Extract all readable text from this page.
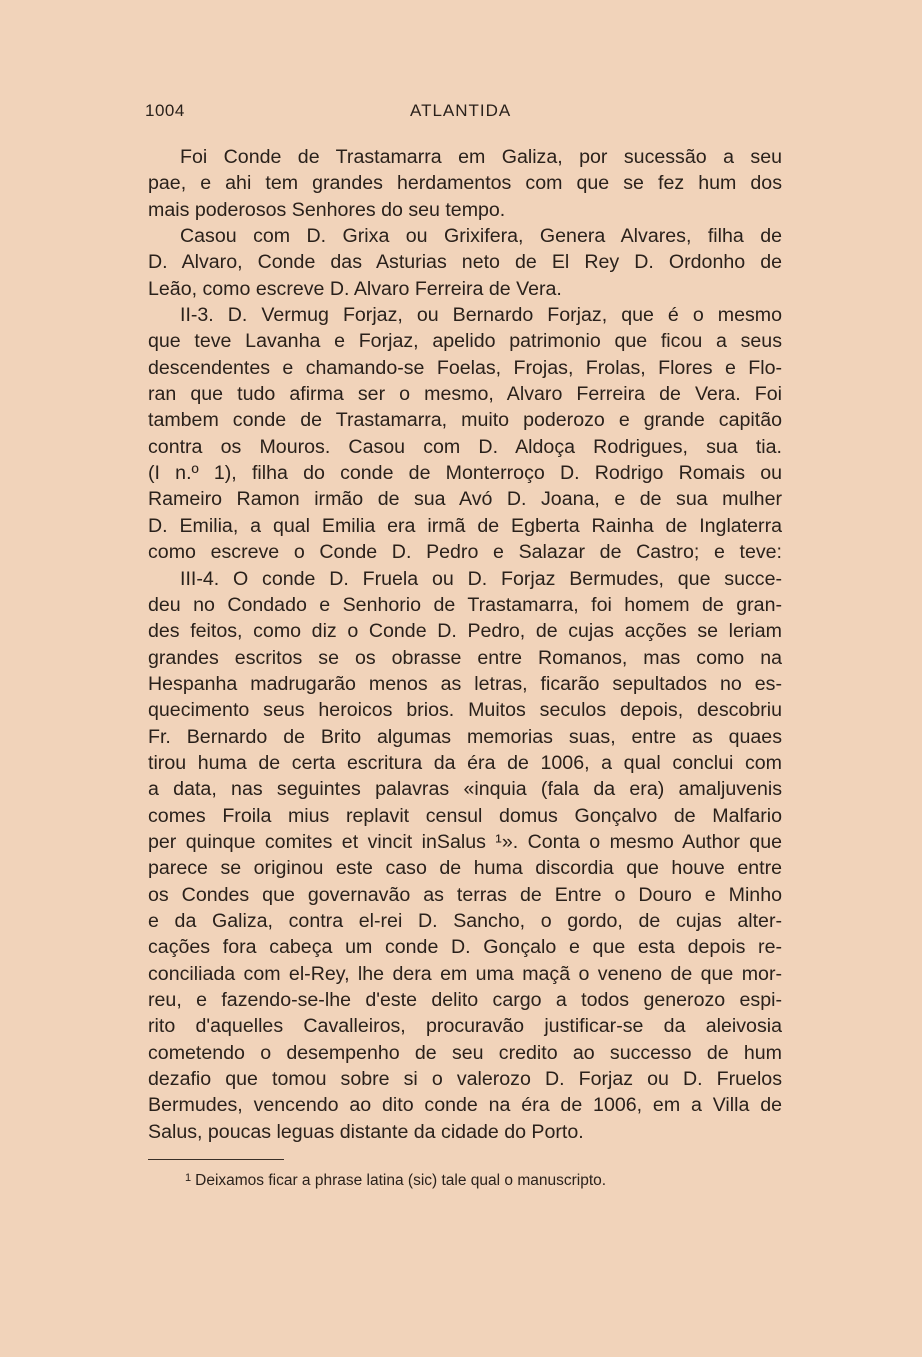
1004	ATLANTIDA
Foi Conde de Trastamarra em Galiza, por sucessão a seu
pae, e ahi tem grandes herdamentos com que se fez hum dos
mais poderosos Senhores do seu tempo.
Casou com D. Grixa ou Grixifera, Genera Alvares, filha de
D. Alvaro, Conde das Asturias neto de El Rey D. Ordonho de
Leão, como escreve D. Alvaro Ferreira de Vera.
II-3. D. Vermug Forjaz, ou Bernardo Forjaz, que é o mesmo
que teve Lavanha e Forjaz, apelido patrimonio que ficou a seus
descendentes e chamando-se Foelas, Frojas, Frolas, Flores e Flo-
ran que tudo afirma ser o mesmo, Alvaro Ferreira de Vera. Foi
tambem conde de Trastamarra, muito poderozo e grande capitão
contra os Mouros. Casou com D. Aldoça Rodrigues, sua tia.
(I n.º 1), filha do conde de Monterroço D. Rodrigo Romais ou
Rameiro Ramon irmão de sua Avó D. Joana, e de sua mulher
D. Emilia, a qual Emilia era irmã de Egberta Rainha de Inglaterra
como escreve o Conde D. Pedro e Salazar de Castro; e teve:
III-4. O conde D. Fruela ou D. Forjaz Bermudes, que succe-
deu no Condado e Senhorio de Trastamarra, foi homem de gran-
des feitos, como diz o Conde D. Pedro, de cujas acções se leriam
grandes escritos se os obrasse entre Romanos, mas como na
Hespanha madrugarão menos as letras, ficarão sepultados no es-
quecimento seus heroicos brios. Muitos seculos depois, descobriu
Fr. Bernardo de Brito algumas memorias suas, entre as quaes
tirou huma de certa escritura da éra de 1006, a qual conclui com
a data, nas seguintes palavras «inquia (fala da era) amaljuvenis
comes Froila mius replavit censul domus Gonçalvo de Malfario
per quinque comites et vincit inSalus ¹». Conta o mesmo Author que
parece se originou este caso de huma discordia que houve entre
os Condes que governavão as terras de Entre o Douro e Minho
e da Galiza, contra el-rei D. Sancho, o gordo, de cujas alter-
cações fora cabeça um conde D. Gonçalo e que esta depois re-
conciliada com el-Rey, lhe dera em uma maçã o veneno de que mor-
reu, e fazendo-se-lhe d'este delito cargo a todos generozo espi-
rito d'aquelles Cavalleiros, procuravão justificar-se da aleivosia
cometendo o desempenho de seu credito ao successo de hum
dezafio que tomou sobre si o valerozo D. Forjaz ou D. Fruelos
Bermudes, vencendo ao dito conde na éra de 1006, em a Villa de
Salus, poucas leguas distante da cidade do Porto.
$^1$ Deixamos ficar a phrase latina (sic) tale qual o manuscripto.
